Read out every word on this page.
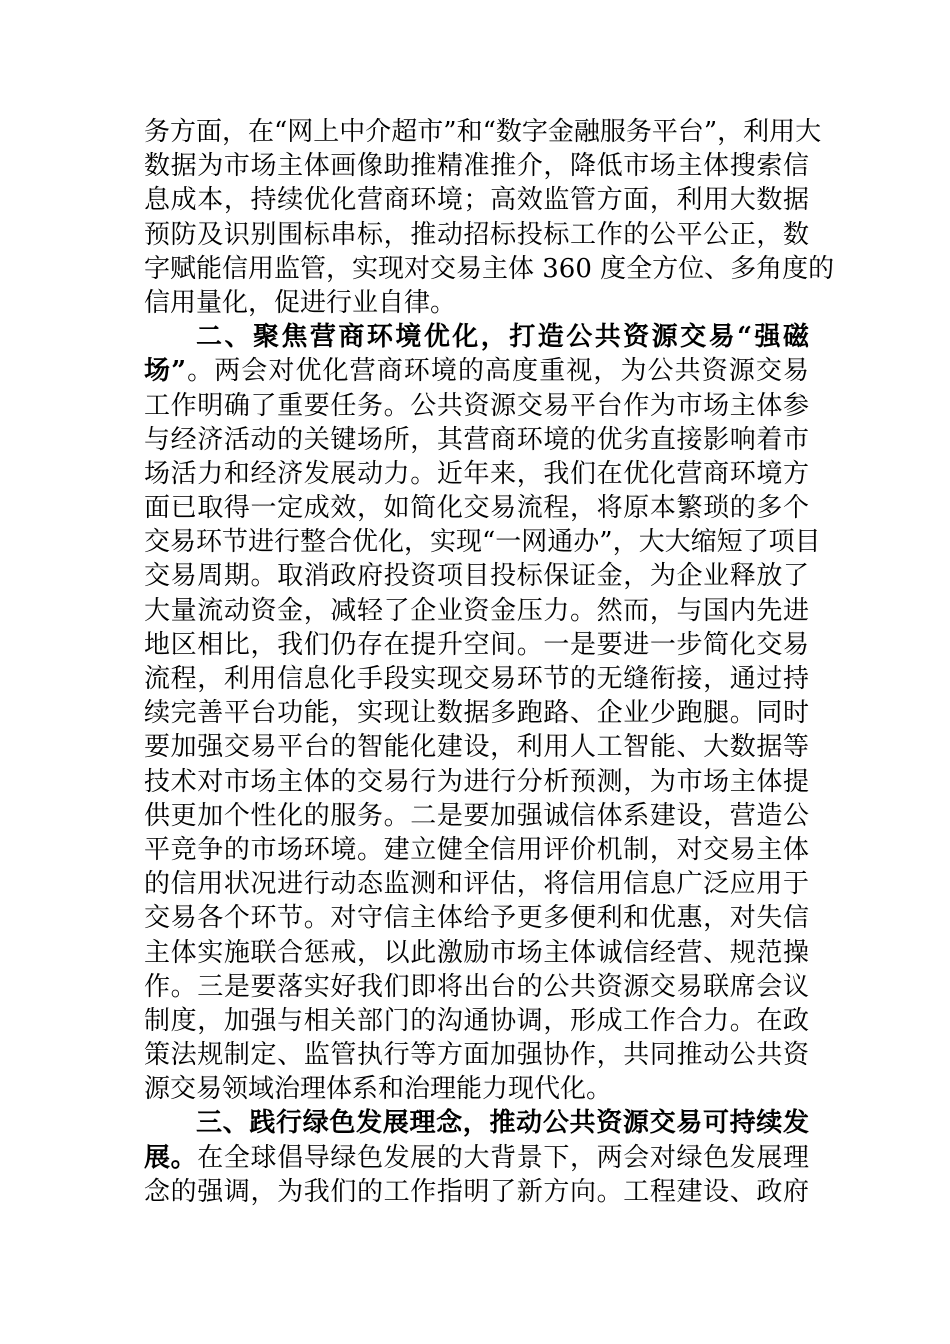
务方面，在“网上中介超市”和“数字金融服务平台”，利用大
数据为市场主体画像助推精准推介，降低市场主体搜索信
息成本，持续优化营商环境；高效监管方面，利用大数据
预防及识别围标串标，推动招标投标工作的公平公正，数
字赋能信用监管，实现对交易主体 360 度全方位、多角度的
信用量化，促进行业自律。
二、聚焦营商环境优化，打造公共资源交易“强磁
场”。两会对优化营商环境的高度重视，为公共资源交易
工作明确了重要任务。公共资源交易平台作为市场主体参
与经济活动的关键场所，其营商环境的优劣直接影响着市
场活力和经济发展动力。近年来，我们在优化营商环境方
面已取得一定成效，如简化交易流程，将原本繁琐的多个
交易环节进行整合优化，实现“一网通办”，大大缩短了项目
交易周期。取消政府投资项目投标保证金，为企业释放了
大量流动资金，减轻了企业资金压力。然而，与国内先进
地区相比，我们仍存在提升空间。一是要进一步简化交易
流程，利用信息化手段实现交易环节的无缝衔接，通过持
续完善平台功能，实现让数据多跑路、企业少跑腿。同时
要加强交易平台的智能化建设，利用人工智能、大数据等
技术对市场主体的交易行为进行分析预测，为市场主体提
供更加个性化的服务。二是要加强诚信体系建设，营造公
平竞争的市场环境。建立健全信用评价机制，对交易主体
的信用状况进行动态监测和评估，将信用信息广泛应用于
交易各个环节。对守信主体给予更多便利和优惠，对失信
主体实施联合惩戒，以此激励市场主体诚信经营、规范操
作。三是要落实好我们即将出台的公共资源交易联席会议
制度，加强与相关部门的沟通协调，形成工作合力。在政
策法规制定、监管执行等方面加强协作，共同推动公共资
源交易领域治理体系和治理能力现代化。
三、践行绿色发展理念，推动公共资源交易可持续发
展。在全球倡导绿色发展的大背景下，两会对绿色发展理
念的强调，为我们的工作指明了新方向。工程建设、政府
